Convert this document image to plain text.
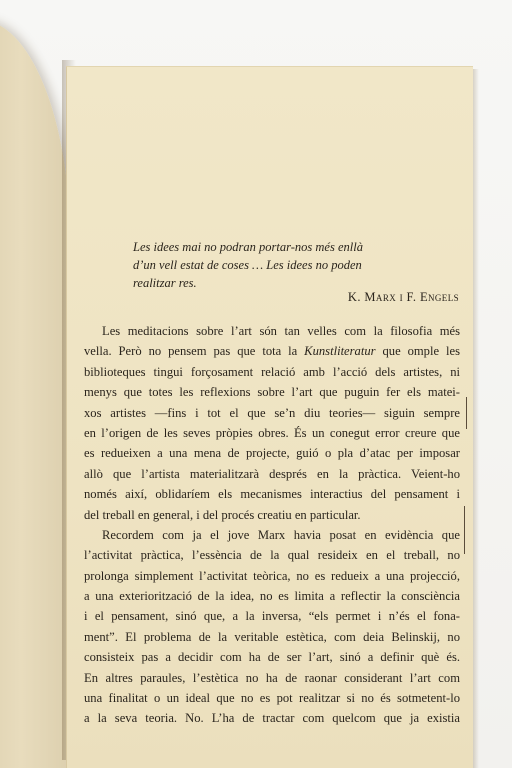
Les idees mai no podran portar-nos més enllà
d’un vell estat de coses … Les idees no poden
realitzar res.
K. Marx i F. Engels
Les meditacions sobre l’art són tan velles com la filosofia més
vella. Però no pensem pas que tota la Kunstliteratur que omple les
biblioteques tingui forçosament relació amb l’acció dels artistes, ni
menys que totes les reflexions sobre l’art que puguin fer els matei-
xos artistes —fins i tot el que se’n diu teories— siguin sempre
en l’origen de les seves pròpies obres. És un conegut error creure que
es redueixen a una mena de projecte, guió o pla d’atac per imposar
allò que l’artista materialitzarà després en la pràctica. Veient-ho
només així, oblidaríem els mecanismes interactius del pensament i
del treball en general, i del procés creatiu en particular.
Recordem com ja el jove Marx havia posat en evidència que
l’activitat pràctica, l’essència de la qual resideix en el treball, no
prolonga simplement l’activitat teòrica, no es redueix a una projecció,
a una exteriorització de la idea, no es limita a reflectir la consciència
i el pensament, sinó que, a la inversa, “els permet i n’és el fona-
ment”. El problema de la veritable estètica, com deia Belinskij, no
consisteix pas a decidir com ha de ser l’art, sinó a definir què és.
En altres paraules, l’estètica no ha de raonar considerant l’art com
una finalitat o un ideal que no es pot realitzar si no és sotmetent-lo
a la seva teoria. No. L’ha de tractar com quelcom que ja existia
